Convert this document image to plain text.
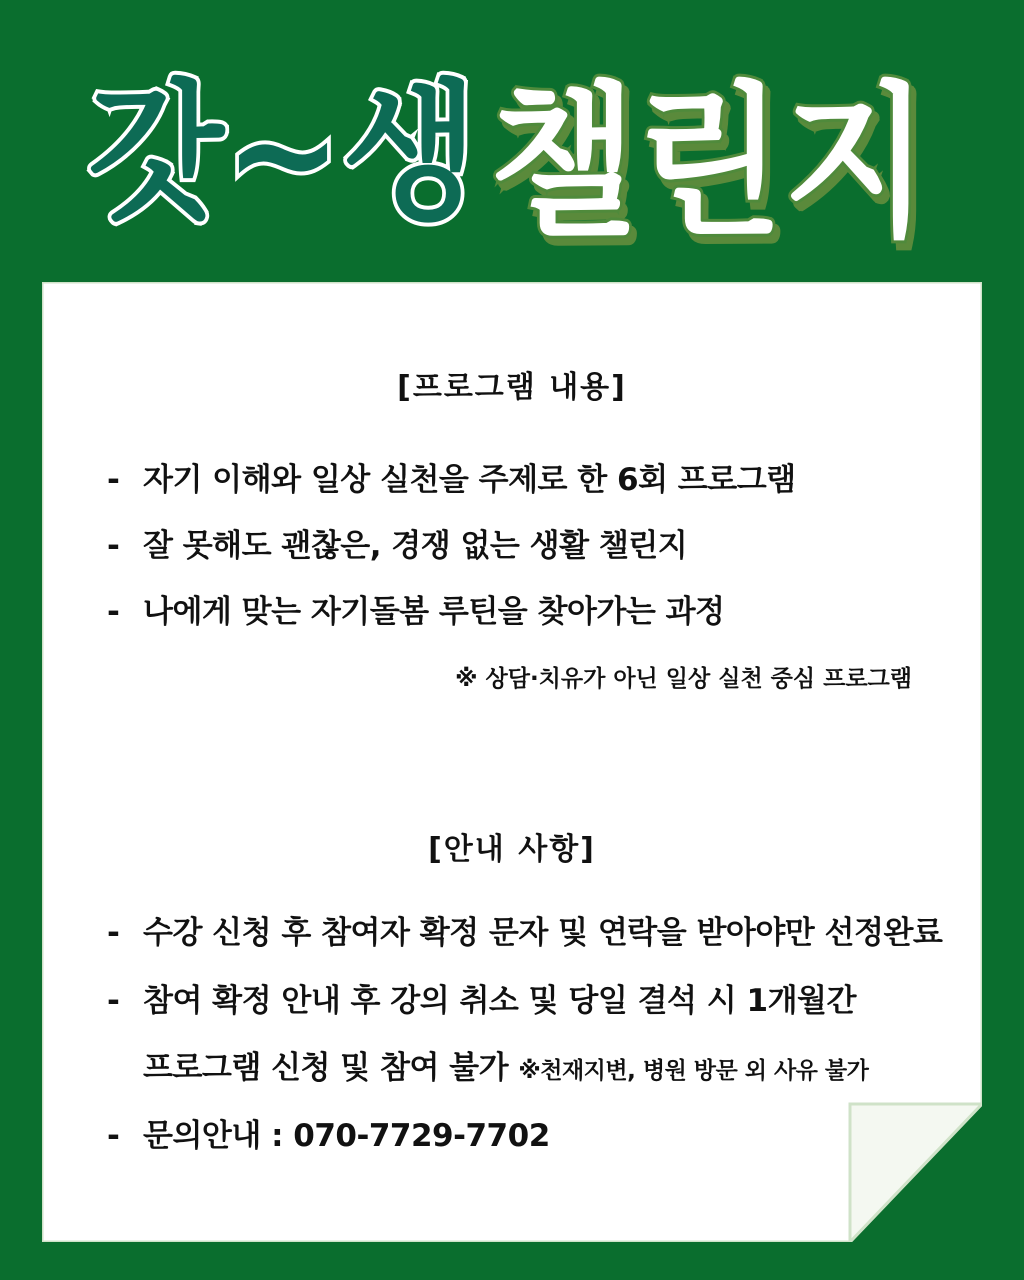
갓~생 챌린지
[프로그램 내용]
- 자기 이해와 일상 실천을 주제로 한 6회 프로그램
- 잘 못해도 괜찮은, 경쟁 없는 생활 챌린지
- 나에게 맞는 자기돌봄 루틴을 찾아가는 과정
※ 상담·치유가 아닌 일상 실천 중심 프로그램
[안내 사항]
- 수강 신청 후 참여자 확정 문자 및 연락을 받아야만 선정완료
- 참여 확정 안내 후 강의 취소 및 당일 결석 시 1개월간
프로그램 신청 및 참여 불가 ※천재지변, 병원 방문 외 사유 불가
- 문의안내 : 070-7729-7702
